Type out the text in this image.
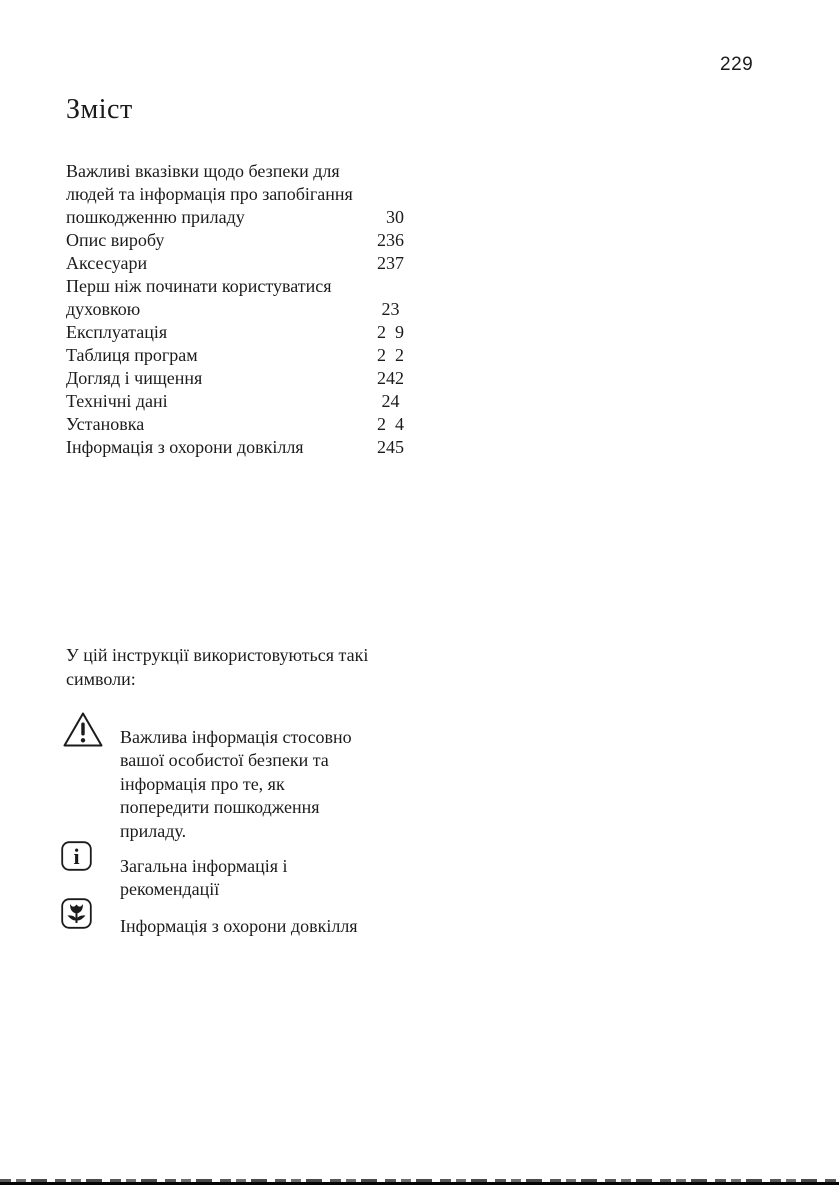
229
Зміст
Важливі вказівки щодо безпеки для
людей та інформація про запобігання
пошкодженню приладу	30
Опис виробу	236
Аксесуари	237
Перш ніж починати користуватися
духовкою	23
Експлуатація	2  9
Таблиця програм	2  2
Догляд і чищення	242
Технічні дані	24
Установка	2  4
Інформація з охорони довкілля	245
У цій інструкції використовуються такі
символи:
Важлива інформація стосовно
вашої особистої безпеки та
інформація про те, як
попередити пошкодження
приладу.
i Загальна інформація і
рекомендації
Інформація з охорони довкілля
